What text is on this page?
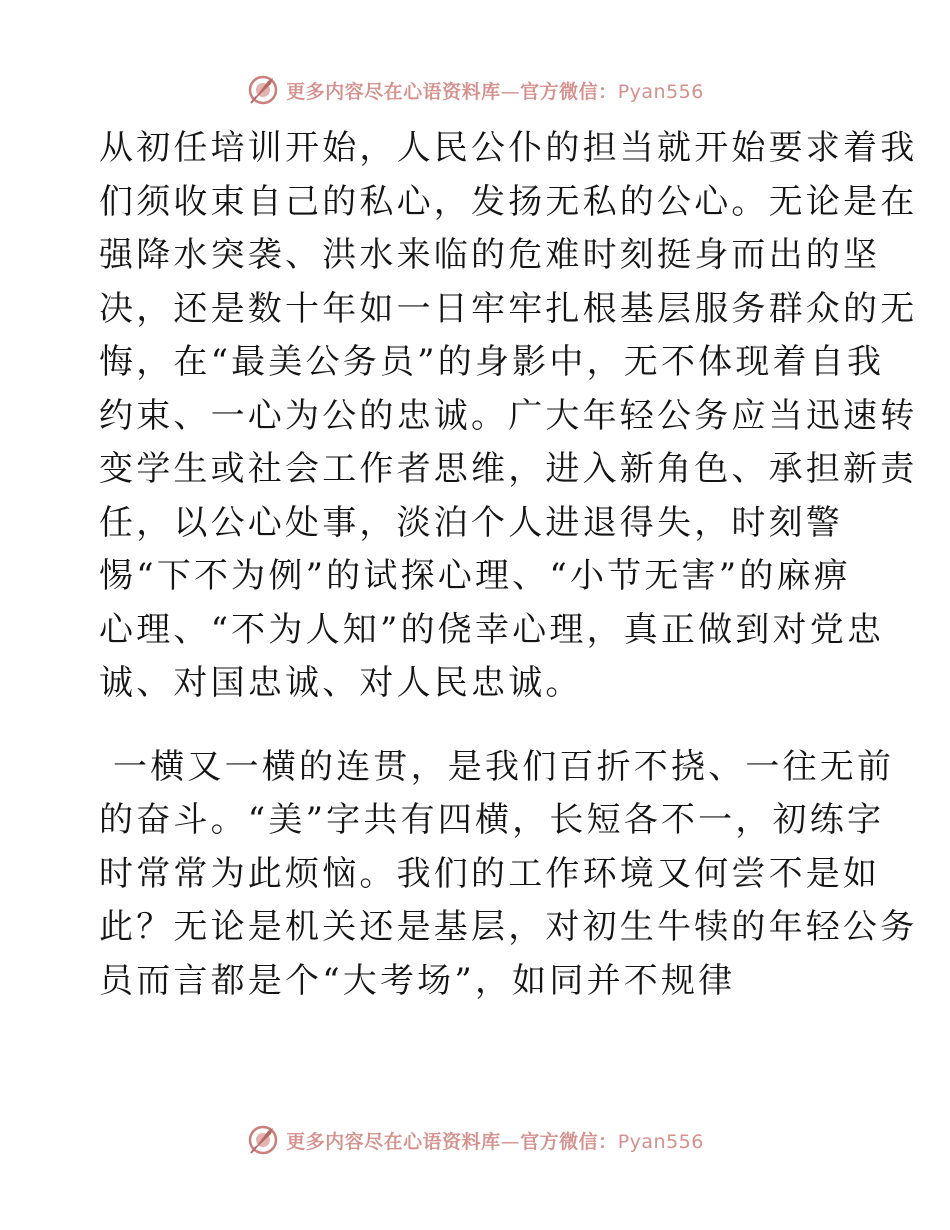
更多内容尽在心语资料库—官方微信：Pyan556
从初任培训开始，人民公仆的担当就开始要求着我
们须收束自己的私心，发扬无私的公心。无论是在
强降水突袭、洪水来临的危难时刻挺身而出的坚
决，还是数十年如一日牢牢扎根基层服务群众的无
悔，在“最美公务员”的身影中，无不体现着自我
约束、一心为公的忠诚。广大年轻公务应当迅速转
变学生或社会工作者思维，进入新角色、承担新责
任，以公心处事，淡泊个人进退得失，时刻警
惕“下不为例”的试探心理、“小节无害”的麻痹
心理、“不为人知”的侥幸心理，真正做到对党忠
诚、对国忠诚、对人民忠诚。
一横又一横的连贯，是我们百折不挠、一往无前
的奋斗。“美”字共有四横，长短各不一，初练字
时常常为此烦恼。我们的工作环境又何尝不是如
此？无论是机关还是基层，对初生牛犊的年轻公务
员而言都是个“大考场”，如同并不规律
更多内容尽在心语资料库—官方微信：Pyan556
